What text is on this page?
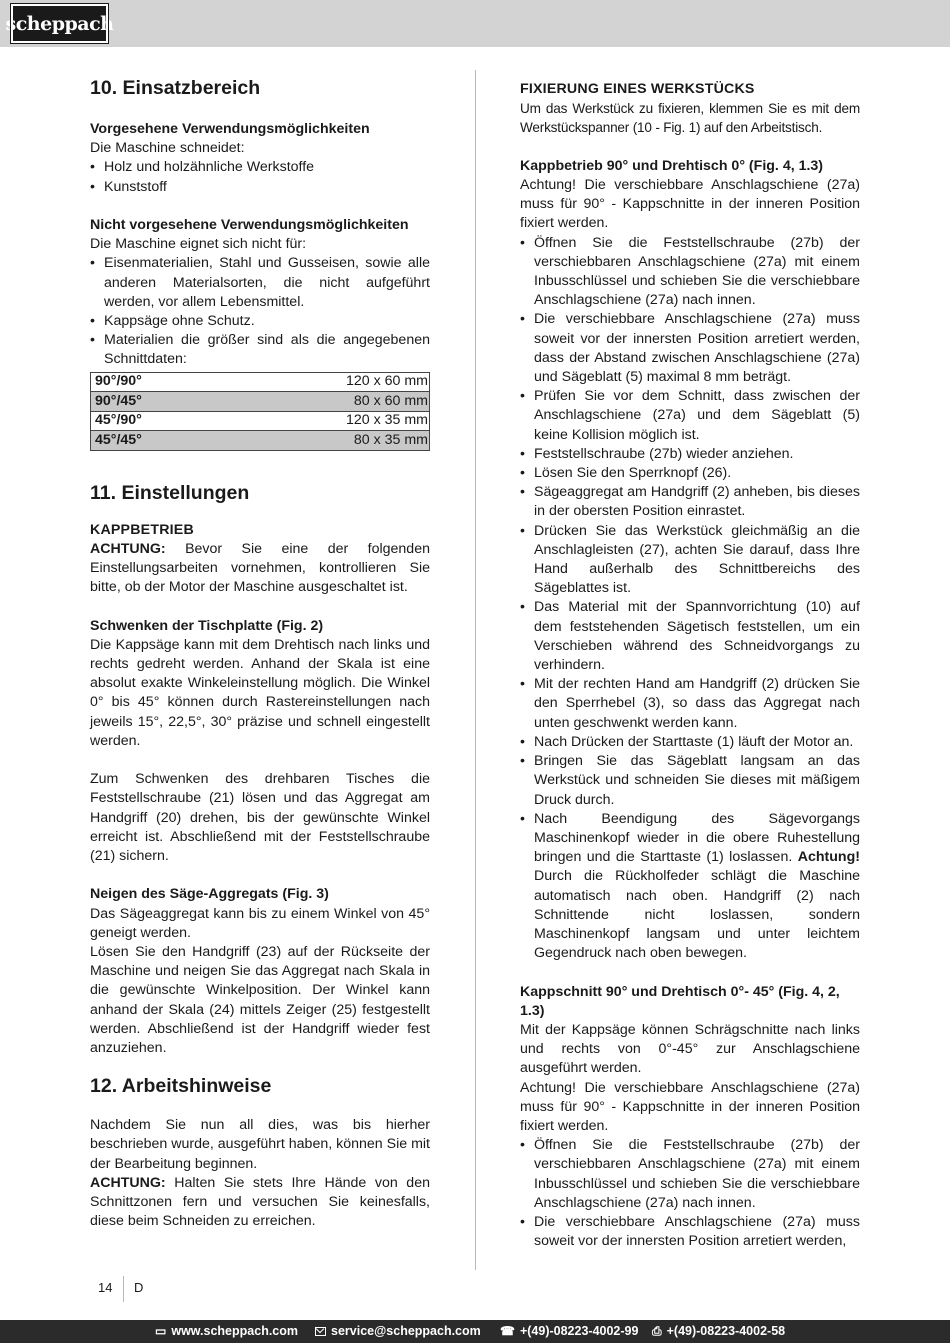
scheppach
10. Einsatzbereich
Vorgesehene Verwendungsmöglichkeiten
Die Maschine schneidet:
• Holz und holzähnliche Werkstoffe
• Kunststoff
Nicht vorgesehene Verwendungsmöglichkeiten
Die Maschine eignet sich nicht für:
• Eisenmaterialien, Stahl und Gusseisen, sowie alle anderen Materialsorten, die nicht aufgeführt werden, vor allem Lebensmittel.
• Kappsäge ohne Schutz.
• Materialien die größer sind als die angegebenen Schnittdaten:
90°/90°	120 x 60 mm
90°/45°	80 x 60 mm
45°/90°	120 x 35 mm
45°/45°	80 x 35 mm
11. Einstellungen
KAPPBETRIEB
ACHTUNG: Bevor Sie eine der folgenden Einstellungsarbeiten vornehmen, kontrollieren Sie bitte, ob der Motor der Maschine ausgeschaltet ist.
Schwenken der Tischplatte (Fig. 2)
Die Kappsäge kann mit dem Drehtisch nach links und rechts gedreht werden. Anhand der Skala ist eine absolut exakte Winkeleinstellung möglich. Die Winkel 0° bis 45° können durch Rastereinstellungen nach jeweils 15°, 22,5°, 30° präzise und schnell eingestellt werden.
Zum Schwenken des drehbaren Tisches die Feststellschraube (21) lösen und das Aggregat am Handgriff (20) drehen, bis der gewünschte Winkel erreicht ist. Abschließend mit der Feststellschraube (21) sichern.
Neigen des Säge-Aggregats (Fig. 3)
Das Sägeaggregat kann bis zu einem Winkel von 45° geneigt werden.
Lösen Sie den Handgriff (23) auf der Rückseite der Maschine und neigen Sie das Aggregat nach Skala in die gewünschte Winkelposition. Der Winkel kann anhand der Skala (24) mittels Zeiger (25) festgestellt werden. Abschließend ist der Handgriff wieder fest anzuziehen.
12. Arbeitshinweise
Nachdem Sie nun all dies, was bis hierher beschrieben wurde, ausgeführt haben, können Sie mit der Bearbeitung beginnen.
ACHTUNG: Halten Sie stets Ihre Hände von den Schnittzonen fern und versuchen Sie keinesfalls, diese beim Schneiden zu erreichen.
FIXIERUNG EINES WERKSTÜCKS
Um das Werkstück zu fixieren, klemmen Sie es mit dem Werkstückspanner (10 - Fig. 1) auf den Arbeitstisch.
Kappbetrieb 90° und Drehtisch 0° (Fig. 4, 1.3)
Achtung! Die verschiebbare Anschlagschiene (27a) muss für 90° - Kappschnitte in der inneren Position fixiert werden.
• Öffnen Sie die Feststellschraube (27b) der verschiebbaren Anschlagschiene (27a) mit einem Inbusschlüssel und schieben Sie die verschiebbare Anschlagschiene (27a) nach innen.
• Die verschiebbare Anschlagschiene (27a) muss soweit vor der innersten Position arretiert werden, dass der Abstand zwischen Anschlagschiene (27a) und Sägeblatt (5) maximal 8 mm beträgt.
• Prüfen Sie vor dem Schnitt, dass zwischen der Anschlagschiene (27a) und dem Sägeblatt (5) keine Kollision möglich ist.
• Feststellschraube (27b) wieder anziehen.
• Lösen Sie den Sperrknopf (26).
• Sägeaggregat am Handgriff (2) anheben, bis dieses in der obersten Position einrastet.
• Drücken Sie das Werkstück gleichmäßig an die Anschlagleisten (27), achten Sie darauf, dass Ihre Hand außerhalb des Schnittbereichs des Sägeblattes ist.
• Das Material mit der Spannvorrichtung (10) auf dem feststehenden Sägetisch feststellen, um ein Verschieben während des Schneidvorgangs zu verhindern.
• Mit der rechten Hand am Handgriff (2) drücken Sie den Sperrhebel (3), so dass das Aggregat nach unten geschwenkt werden kann.
• Nach Drücken der Starttaste (1) läuft der Motor an.
• Bringen Sie das Sägeblatt langsam an das Werkstück und schneiden Sie dieses mit mäßigem Druck durch.
• Nach Beendigung des Sägevorgangs Maschinenkopf wieder in die obere Ruhestellung bringen und die Starttaste (1) loslassen. Achtung! Durch die Rückholfeder schlägt die Maschine automatisch nach oben. Handgriff (2) nach Schnittende nicht loslassen, sondern Maschinenkopf langsam und unter leichtem Gegendruck nach oben bewegen.
Kappschnitt 90° und Drehtisch 0°- 45° (Fig. 4, 2, 1.3)
Mit der Kappsäge können Schrägschnitte nach links und rechts von 0°-45° zur Anschlagschiene ausgeführt werden.
Achtung! Die verschiebbare Anschlagschiene (27a) muss für 90° - Kappschnitte in der inneren Position fixiert werden.
• Öffnen Sie die Feststellschraube (27b) der verschiebbaren Anschlagschiene (27a) mit einem Inbusschlüssel und schieben Sie die verschiebbare Anschlagschiene (27a) nach innen.
• Die verschiebbare Anschlagschiene (27a) muss soweit vor der innersten Position arretiert werden,
14 D
▭ www.scheppach.com	service@scheppach.com ☎ +(49)-08223-4002-99 ⎙ +(49)-08223-4002-58
